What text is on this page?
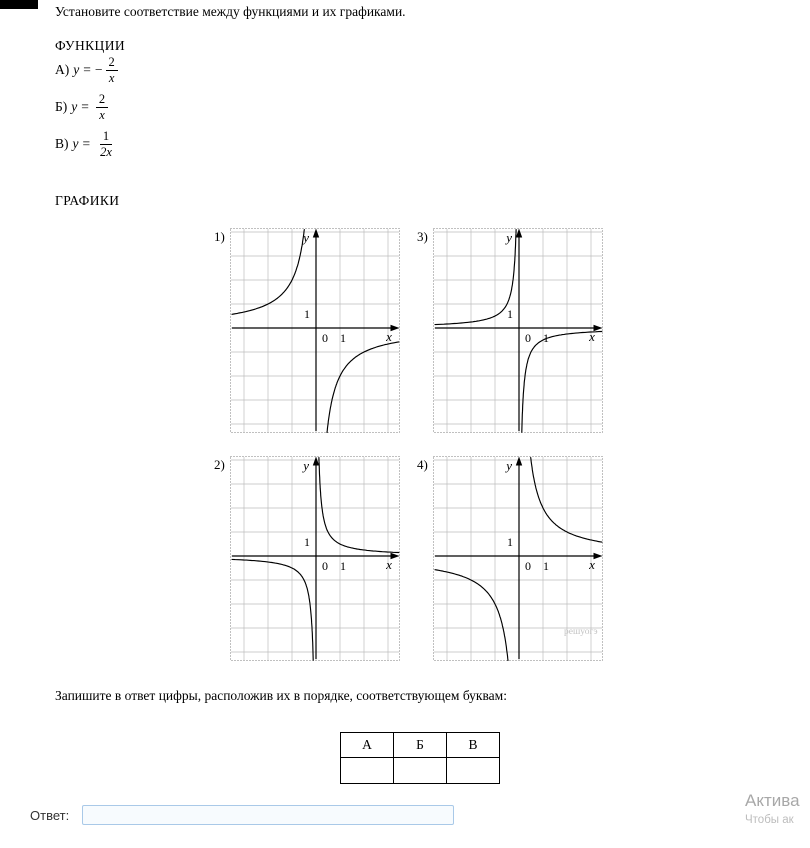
Установите соответствие между функциями и их графиками.
ФУНКЦИИ
А) y = − $\frac{2}{x}$
Б) $y = \frac{2}{x}$
В) $y = \frac{1}{2x}$
ГРАФИКИ
1)	y
x
0 1
1
3)	y
x
0 1
1
2)	y
x
0 1
1
4)	y
x
0 1
1
решуогэ
Запишите в ответ цифры, расположив их в порядке, соответствующем буквам:
А	Б	В

Ответ:
Актива
Чтобы ак
